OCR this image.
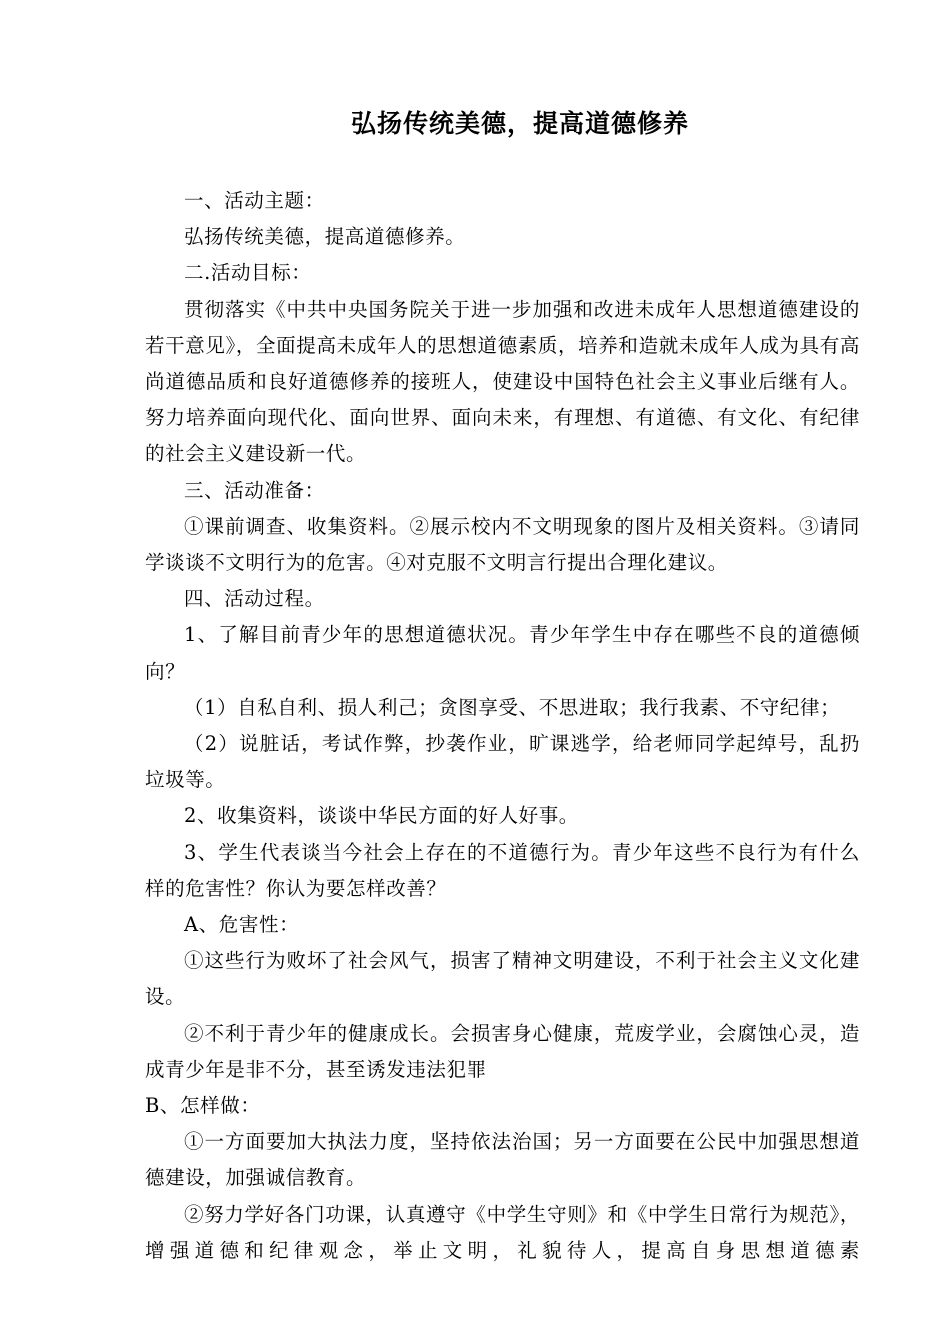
弘扬传统美德，提高道德修养

一、活动主题：

弘扬传统美德，提高道德修养。

二.活动目标：

贯彻落实《中共中央国务院关于进一步加强和改进未成年人思想道德建设的若干意见》，全面提高未成年人的思想道德素质，培养和造就未成年人成为具有高尚道德品质和良好道德修养的接班人，使建设中国特色社会主义事业后继有人。努力培养面向现代化、面向世界、面向未来，有理想、有道德、有文化、有纪律的社会主义建设新一代。

三、活动准备：

①课前调查、收集资料。②展示校内不文明现象的图片及相关资料。③请同学谈谈不文明行为的危害。④对克服不文明言行提出合理化建议。

四、活动过程。

1、了解目前青少年的思想道德状况。青少年学生中存在哪些不良的道德倾向？

（1）自私自利、损人利己；贪图享受、不思进取；我行我素、不守纪律；

（2）说脏话，考试作弊，抄袭作业，旷课逃学，给老师同学起绰号，乱扔垃圾等。

2、收集资料，谈谈中华民方面的好人好事。

3、学生代表谈当今社会上存在的不道德行为。青少年这些不良行为有什么样的危害性？你认为要怎样改善？

A、危害性：

①这些行为败坏了社会风气，损害了精神文明建设，不利于社会主义文化建设。

②不利于青少年的健康成长。会损害身心健康，荒废学业，会腐蚀心灵，造成青少年是非不分，甚至诱发违法犯罪

B、怎样做：

①一方面要加大执法力度，坚持依法治国；另一方面要在公民中加强思想道德建设，加强诚信教育。

②努力学好各门功课，认真遵守《中学生守则》和《中学生日常行为规范》，增强道德和纪律观念，举止文明，礼貌待人，提高自身思想道德素
